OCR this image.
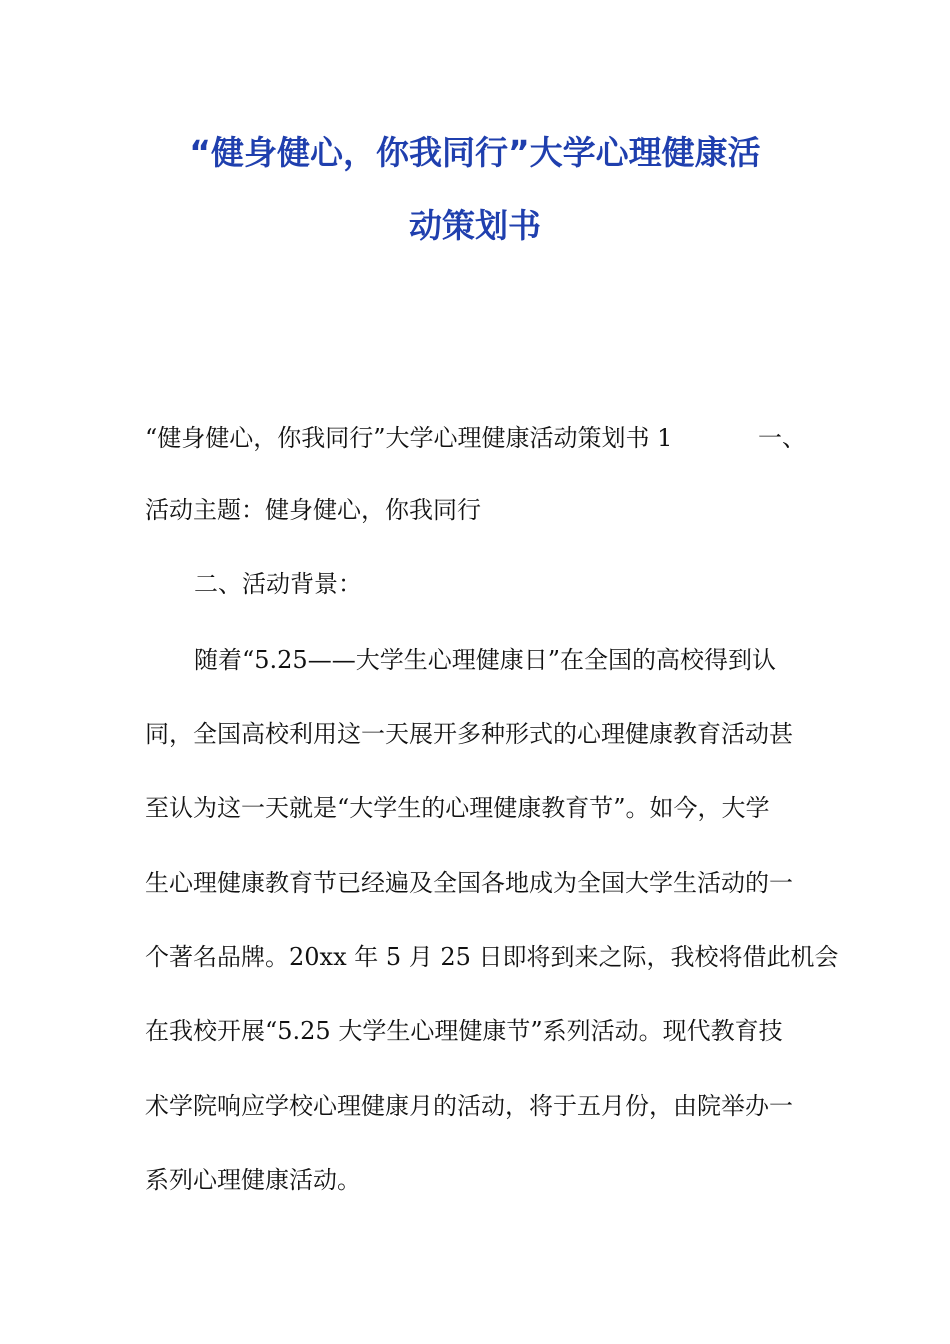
“健身健心，你我同行”大学心理健康活
动策划书
“健身健心，你我同行”大学心理健康活动策划书 1	一、
活动主题：健身健心，你我同行
二、活动背景：
随着“5.25——大学生心理健康日”在全国的高校得到认
同，全国高校利用这一天展开多种形式的心理健康教育活动甚
至认为这一天就是“大学生的心理健康教育节”。如今，大学
生心理健康教育节已经遍及全国各地成为全国大学生活动的一
个著名品牌。20xx 年 5 月 25 日即将到来之际，我校将借此机会
在我校开展“5.25 大学生心理健康节”系列活动。现代教育技
术学院响应学校心理健康月的活动，将于五月份，由院举办一
系列心理健康活动。
